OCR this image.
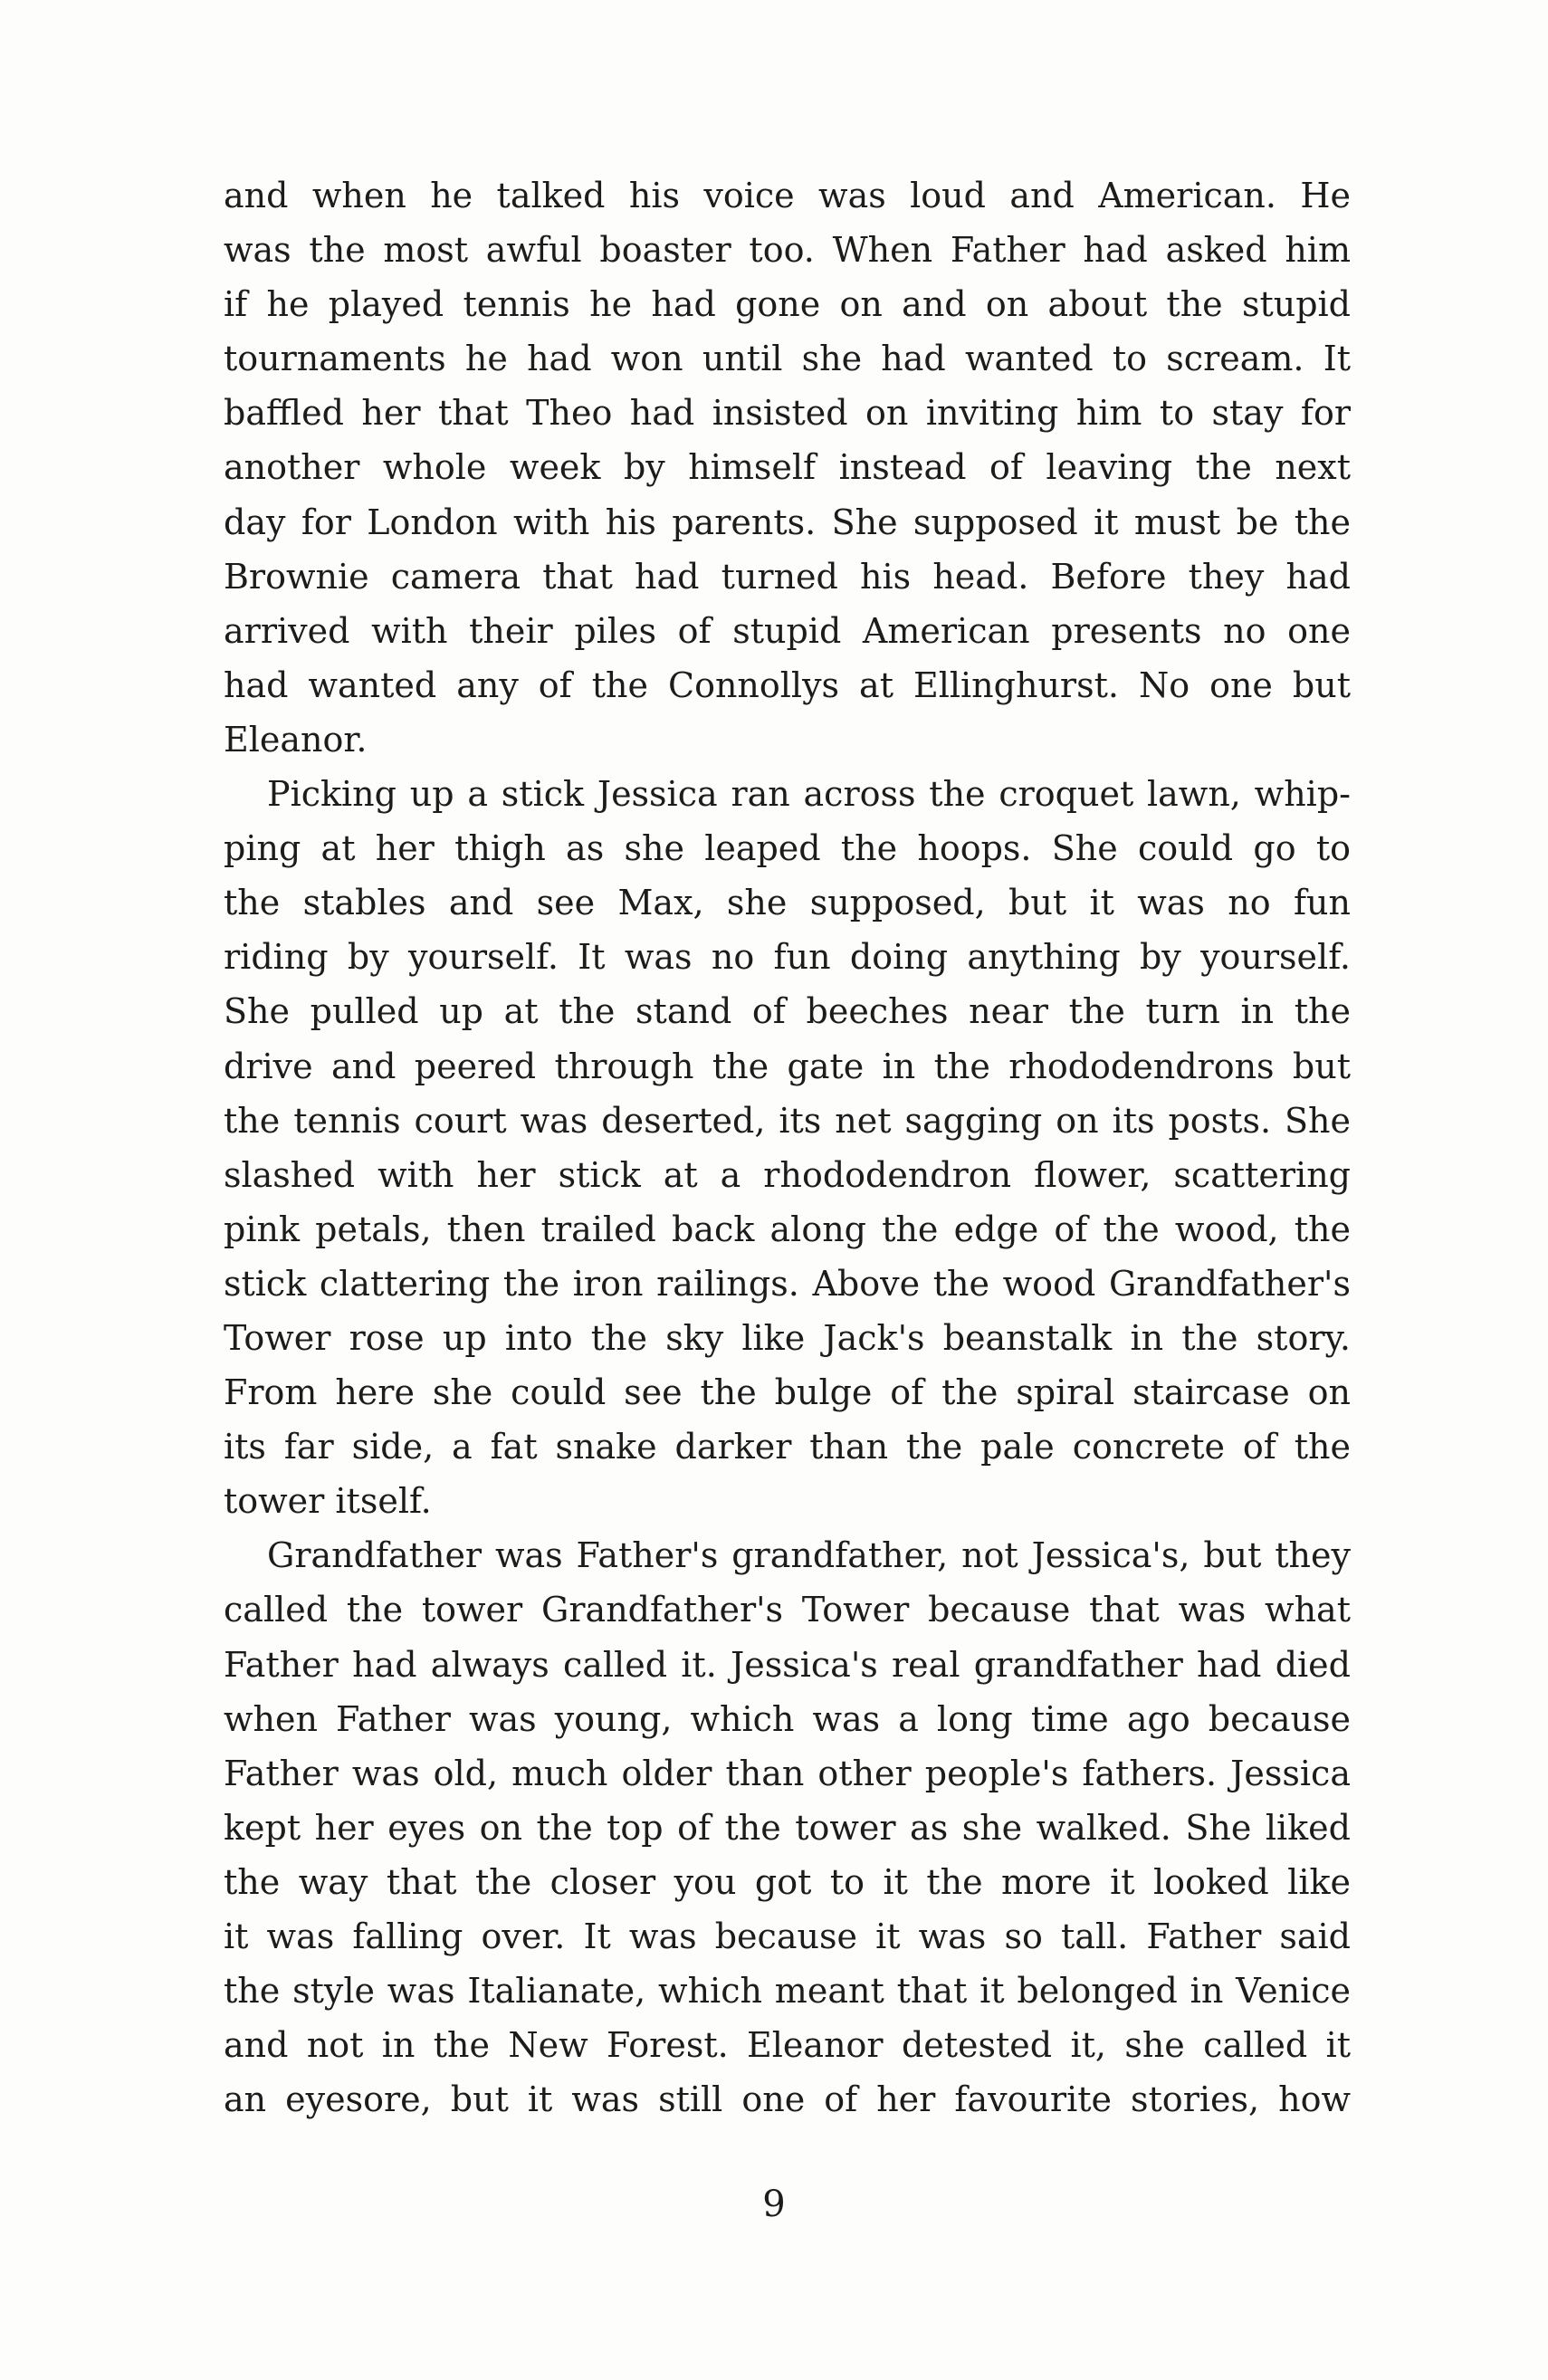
and when he talked his voice was loud and American. He
was the most awful boaster too. When Father had asked him
if he played tennis he had gone on and on about the stupid
tournaments he had won until she had wanted to scream. It
baffled her that Theo had insisted on inviting him to stay for
another whole week by himself instead of leaving the next
day for London with his parents. She supposed it must be the
Brownie camera that had turned his head. Before they had
arrived with their piles of stupid American presents no one
had wanted any of the Connollys at Ellinghurst. No one but
Eleanor.
Picking up a stick Jessica ran across the croquet lawn, whip-
ping at her thigh as she leaped the hoops. She could go to
the stables and see Max, she supposed, but it was no fun
riding by yourself. It was no fun doing anything by yourself.
She pulled up at the stand of beeches near the turn in the
drive and peered through the gate in the rhododendrons but
the tennis court was deserted, its net sagging on its posts. She
slashed with her stick at a rhododendron flower, scattering
pink petals, then trailed back along the edge of the wood, the
stick clattering the iron railings. Above the wood Grandfather's
Tower rose up into the sky like Jack's beanstalk in the story.
From here she could see the bulge of the spiral staircase on
its far side, a fat snake darker than the pale concrete of the
tower itself.
Grandfather was Father's grandfather, not Jessica's, but they
called the tower Grandfather's Tower because that was what
Father had always called it. Jessica's real grandfather had died
when Father was young, which was a long time ago because
Father was old, much older than other people's fathers. Jessica
kept her eyes on the top of the tower as she walked. She liked
the way that the closer you got to it the more it looked like
it was falling over. It was because it was so tall. Father said
the style was Italianate, which meant that it belonged in Venice
and not in the New Forest. Eleanor detested it, she called it
an eyesore, but it was still one of her favourite stories, how
9
